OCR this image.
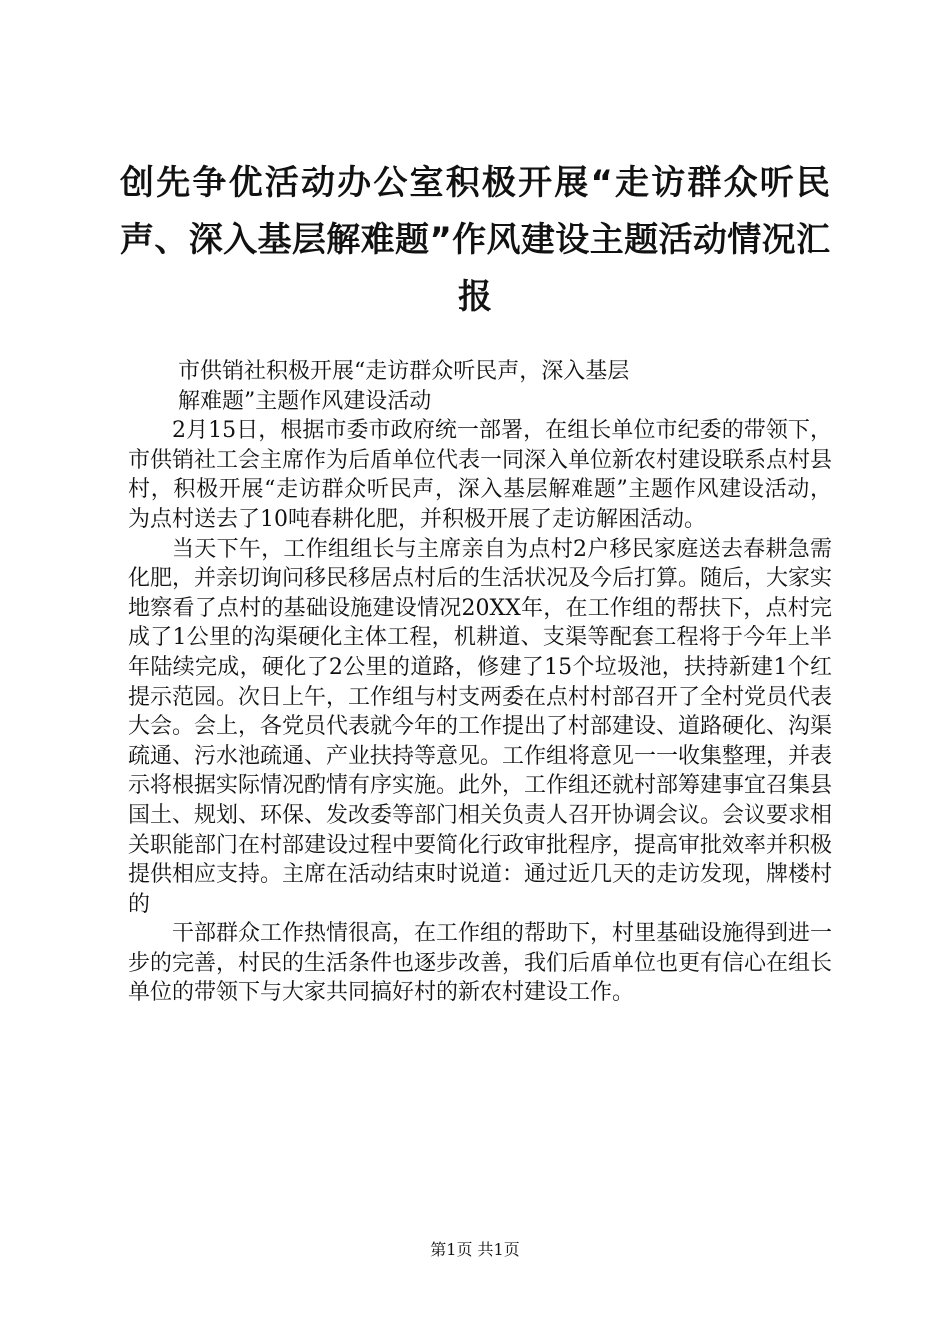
创先争优活动办公室积极开展“走访群众听民声、深入基层解难题”作风建设主题活动情况汇报

市供销社积极开展“走访群众听民声，深入基层

解难题”主题作风建设活动

2月15日，根据市委市政府统一部署，在组长单位市纪委的带领下，市供销社工会主席作为后盾单位代表一同深入单位新农村建设联系点村县村，积极开展“走访群众听民声，深入基层解难题”主题作风建设活动，为点村送去了10吨春耕化肥，并积极开展了走访解困活动。

当天下午，工作组组长与主席亲自为点村2户移民家庭送去春耕急需化肥，并亲切询问移民移居点村后的生活状况及今后打算。随后，大家实地察看了点村的基础设施建设情况20XX年，在工作组的帮扶下，点村完成了1公里的沟渠硬化主体工程，机耕道、支渠等配套工程将于今年上半年陆续完成，硬化了2公里的道路，修建了15个垃圾池，扶持新建1个红提示范园。次日上午，工作组与村支两委在点村村部召开了全村党员代表大会。会上，各党员代表就今年的工作提出了村部建设、道路硬化、沟渠疏通、污水池疏通、产业扶持等意见。工作组将意见一一收集整理，并表示将根据实际情况酌情有序实施。此外，工作组还就村部筹建事宜召集县国土、规划、环保、发改委等部门相关负责人召开协调会议。会议要求相关职能部门在村部建设过程中要简化行政审批程序，提高审批效率并积极提供相应支持。主席在活动结束时说道：通过近几天的走访发现，牌楼村的

干部群众工作热情很高，在工作组的帮助下，村里基础设施得到进一步的完善，村民的生活条件也逐步改善，我们后盾单位也更有信心在组长单位的带领下与大家共同搞好村的新农村建设工作。

第1页 共1页
